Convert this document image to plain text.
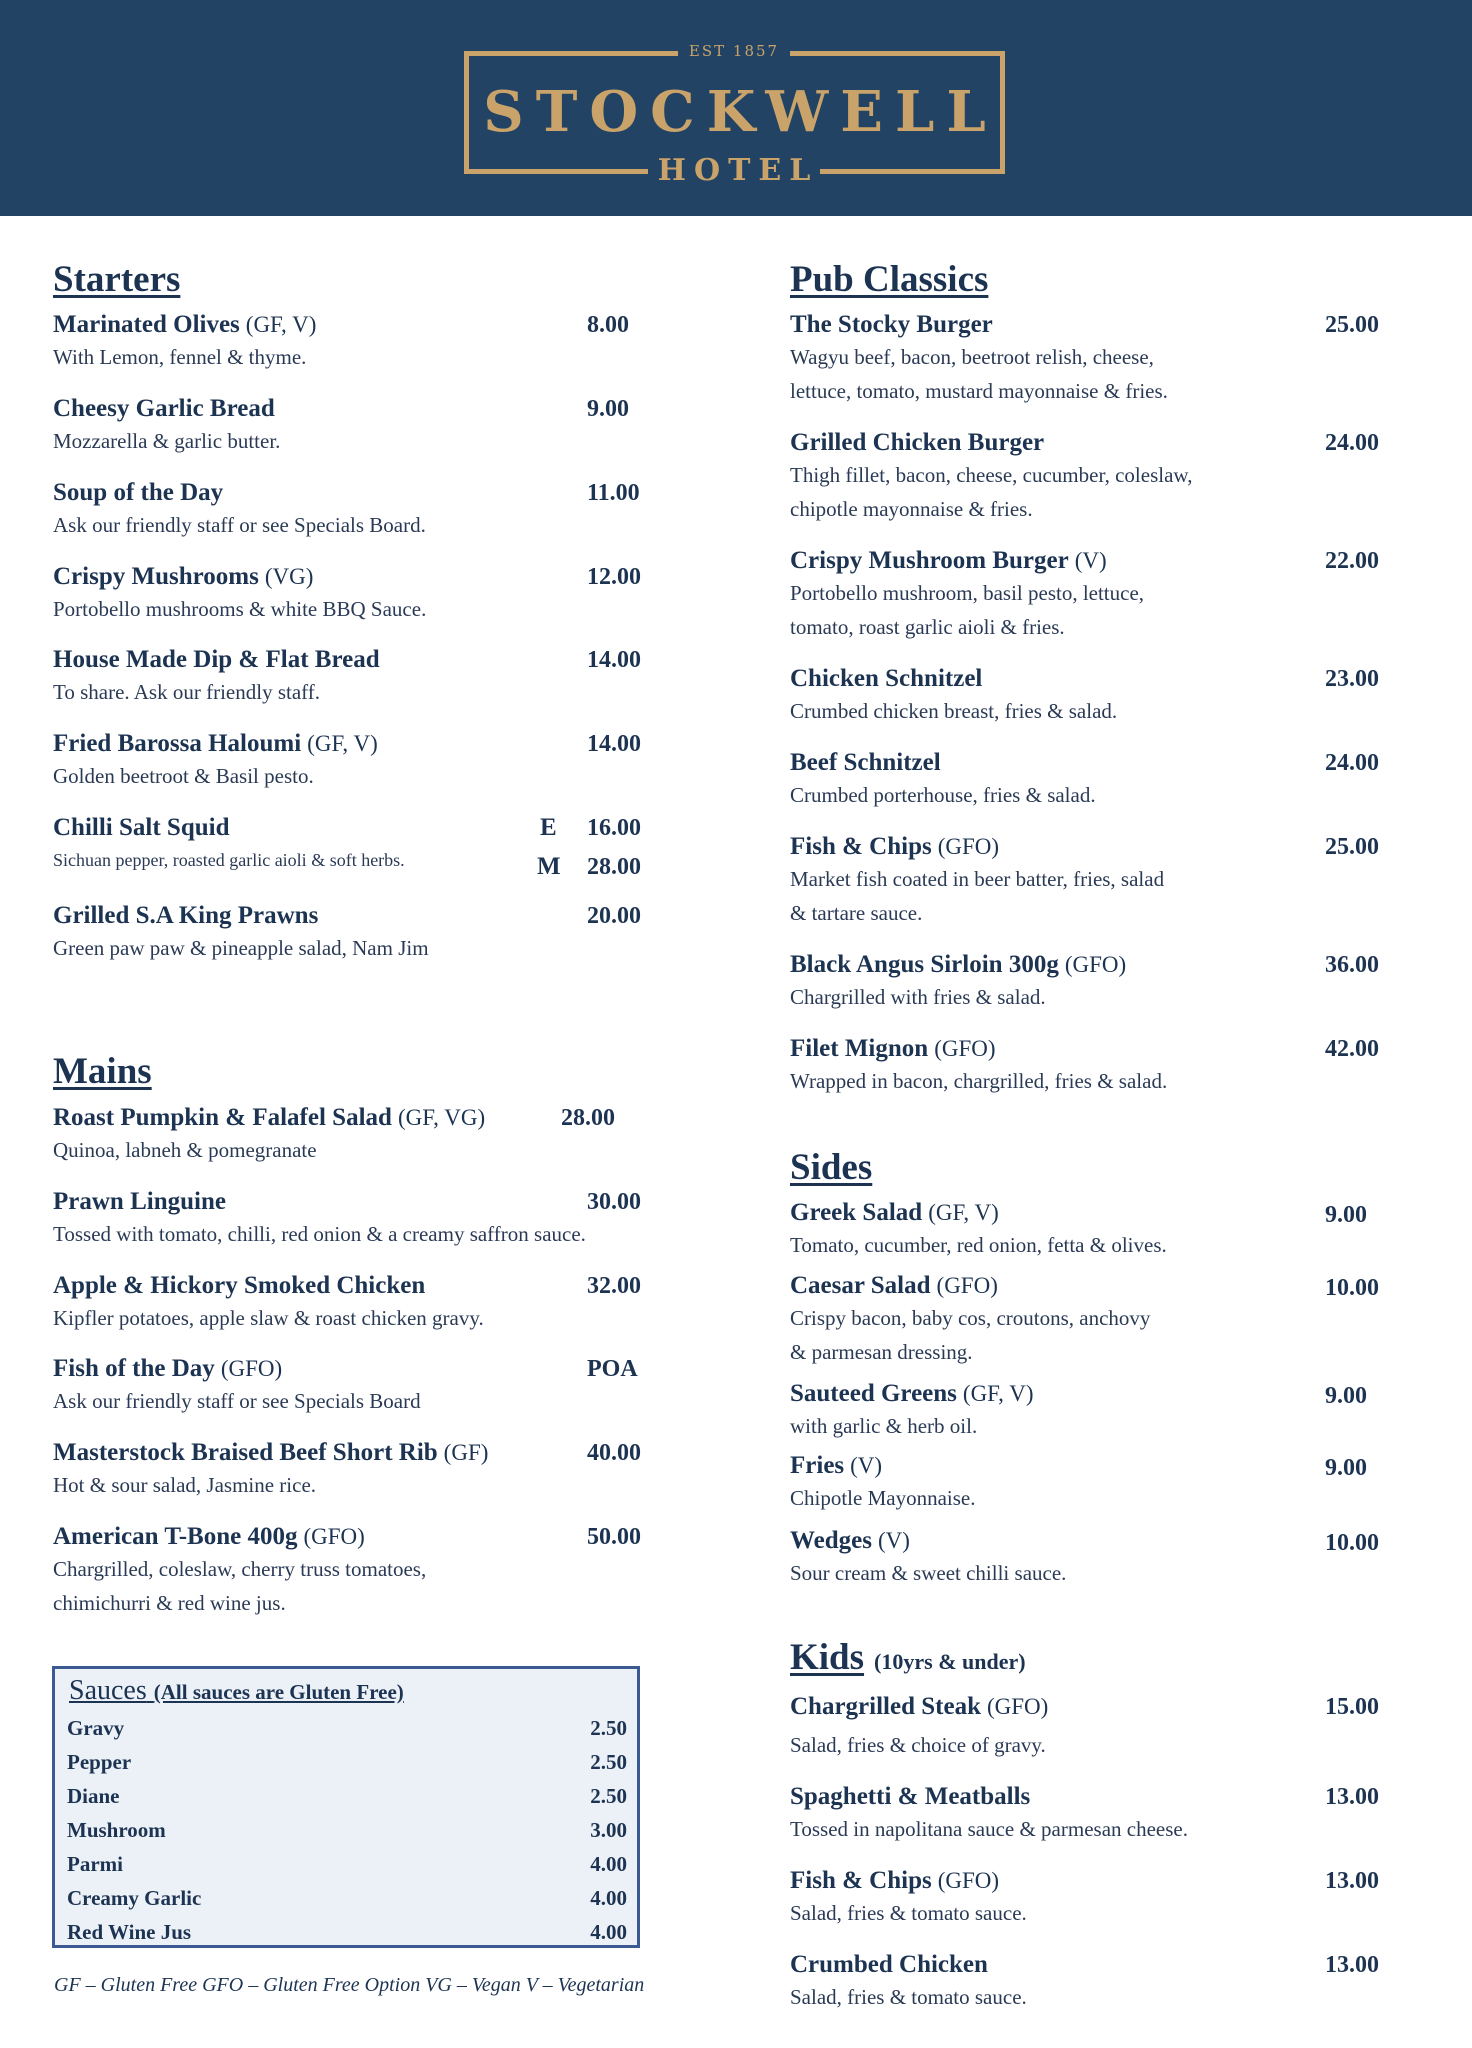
EST 1857
STOCKWELL
HOTEL
Starters
Marinated Olives (GF, V)
With Lemon, fennel & thyme.
8.00
Cheesy Garlic Bread
Mozzarella & garlic butter.
9.00
Soup of the Day
Ask our friendly staff or see Specials Board.
11.00
Crispy Mushrooms (VG)
Portobello mushrooms & white BBQ Sauce.
12.00
House Made Dip & Flat Bread
To share. Ask our friendly staff.
14.00
Fried Barossa Haloumi (GF, V)
Golden beetroot & Basil pesto.
14.00
Chilli Salt Squid
Sichuan pepper, roasted garlic aioli & soft herbs.
E 16.00
M 28.00
Grilled S.A King Prawns
Green paw paw & pineapple salad, Nam Jim
20.00
Mains
Roast Pumpkin & Falafel Salad (GF, VG)
Quinoa, labneh & pomegranate
28.00
Prawn Linguine
Tossed with tomato, chilli, red onion & a creamy saffron sauce.
30.00
Apple & Hickory Smoked Chicken
Kipfler potatoes, apple slaw & roast chicken gravy.
32.00
Fish of the Day (GFO)
Ask our friendly staff or see Specials Board
POA
Masterstock Braised Beef Short Rib (GF)
Hot & sour salad, Jasmine rice.
40.00
American T-Bone 400g (GFO)
Chargrilled, coleslaw, cherry truss tomatoes,
chimichurri & red wine jus.
50.00
Sauces (All sauces are Gluten Free)
Gravy	2.50
Pepper	2.50
Diane	2.50
Mushroom	3.00
Parmi	4.00
Creamy Garlic	4.00
Red Wine Jus	4.00
GF – Gluten Free GFO – Gluten Free Option VG – Vegan V – Vegetarian
Pub Classics
The Stocky Burger
Wagyu beef, bacon, beetroot relish, cheese,
lettuce, tomato, mustard mayonnaise & fries.
25.00
Grilled Chicken Burger
Thigh fillet, bacon, cheese, cucumber, coleslaw,
chipotle mayonnaise & fries.
24.00
Crispy Mushroom Burger (V)
Portobello mushroom, basil pesto, lettuce,
tomato, roast garlic aioli & fries.
22.00
Chicken Schnitzel
Crumbed chicken breast, fries & salad.
23.00
Beef Schnitzel
Crumbed porterhouse, fries & salad.
24.00
Fish & Chips (GFO)
Market fish coated in beer batter, fries, salad
& tartare sauce.
25.00
Black Angus Sirloin 300g (GFO)
Chargrilled with fries & salad.
36.00
Filet Mignon (GFO)
Wrapped in bacon, chargrilled, fries & salad.
42.00
Sides
Greek Salad (GF, V)
Tomato, cucumber, red onion, fetta & olives.
9.00
Caesar Salad (GFO)
Crispy bacon, baby cos, croutons, anchovy
& parmesan dressing.
10.00
Sauteed Greens (GF, V)
with garlic & herb oil.
9.00
Fries (V)
Chipotle Mayonnaise.
9.00
Wedges (V)
Sour cream & sweet chilli sauce.
10.00
Kids (10yrs & under)
Chargrilled Steak (GFO)
Salad, fries & choice of gravy.
15.00
Spaghetti & Meatballs
Tossed in napolitana sauce & parmesan cheese.
13.00
Fish & Chips (GFO)
Salad, fries & tomato sauce.
13.00
Crumbed Chicken
Salad, fries & tomato sauce.
13.00
